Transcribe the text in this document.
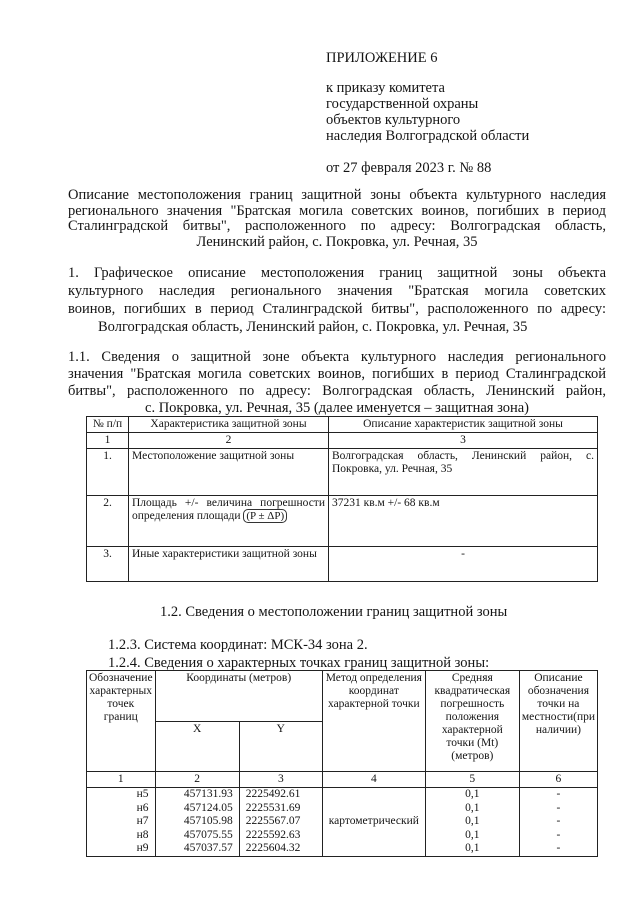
ПРИЛОЖЕНИЕ 6
к приказу комитета
государственной охраны
объектов культурного
наследия Волгоградской области
от 27 февраля 2023 г. № 88
Описание местоположения границ защитной зоны объекта культурного наследия
регионального значения "Братская могила советских воинов, погибших в период
Сталинградской битвы", расположенного по адресу: Волгоградская область,
Ленинский район, с. Покровка, ул. Речная, 35
1. Графическое описание местоположения границ защитной зоны объекта
культурного наследия регионального значения "Братская могила советских
воинов, погибших в период Сталинградской битвы", расположенного по адресу:
Волгоградская область, Ленинский район, с. Покровка, ул. Речная, 35
1.1. Сведения о защитной зоне объекта культурного наследия регионального
значения "Братская могила советских воинов, погибших в период Сталинградской
битвы", расположенного по адресу: Волгоградская область, Ленинский район,
с. Покровка, ул. Речная, 35 (далее именуется – защитная зона)
№ п/п	Характеристика защитной зоны	Описание характеристик защитной зоны
1	2	3
1.	Местоположение защитной зоны	Волгоградская область, Ленинский район, с. Покровка, ул. Речная, 35
2.	Площадь +/- величина погрешности определения площади (P ± ΔP)	37231 кв.м +/- 68 кв.м
3.	Иные характеристики защитной зоны	-
1.2. Сведения о местоположении границ защитной зоны
1.2.3. Система координат: МСК-34 зона 2.
1.2.4. Сведения о характерных точках границ защитной зоны:
Обозначение характерных точек границ	Координаты (метров)		Метод определения координат характерной точки	Средняя квадратическая погрешность положения характерной точки (Mt) (метров)	Описание обозначения точки на местности(при наличии)
	X	Y			
1	2	3	4	5	6
н5	457131.93	2225492.61	картометрический	0,1	-
н6	457124.05	2225531.69		0,1	-
н7	457105.98	2225567.07		0,1	-
н8	457075.55	2225592.63		0,1	-
н9	457037.57	2225604.32		0,1	-
